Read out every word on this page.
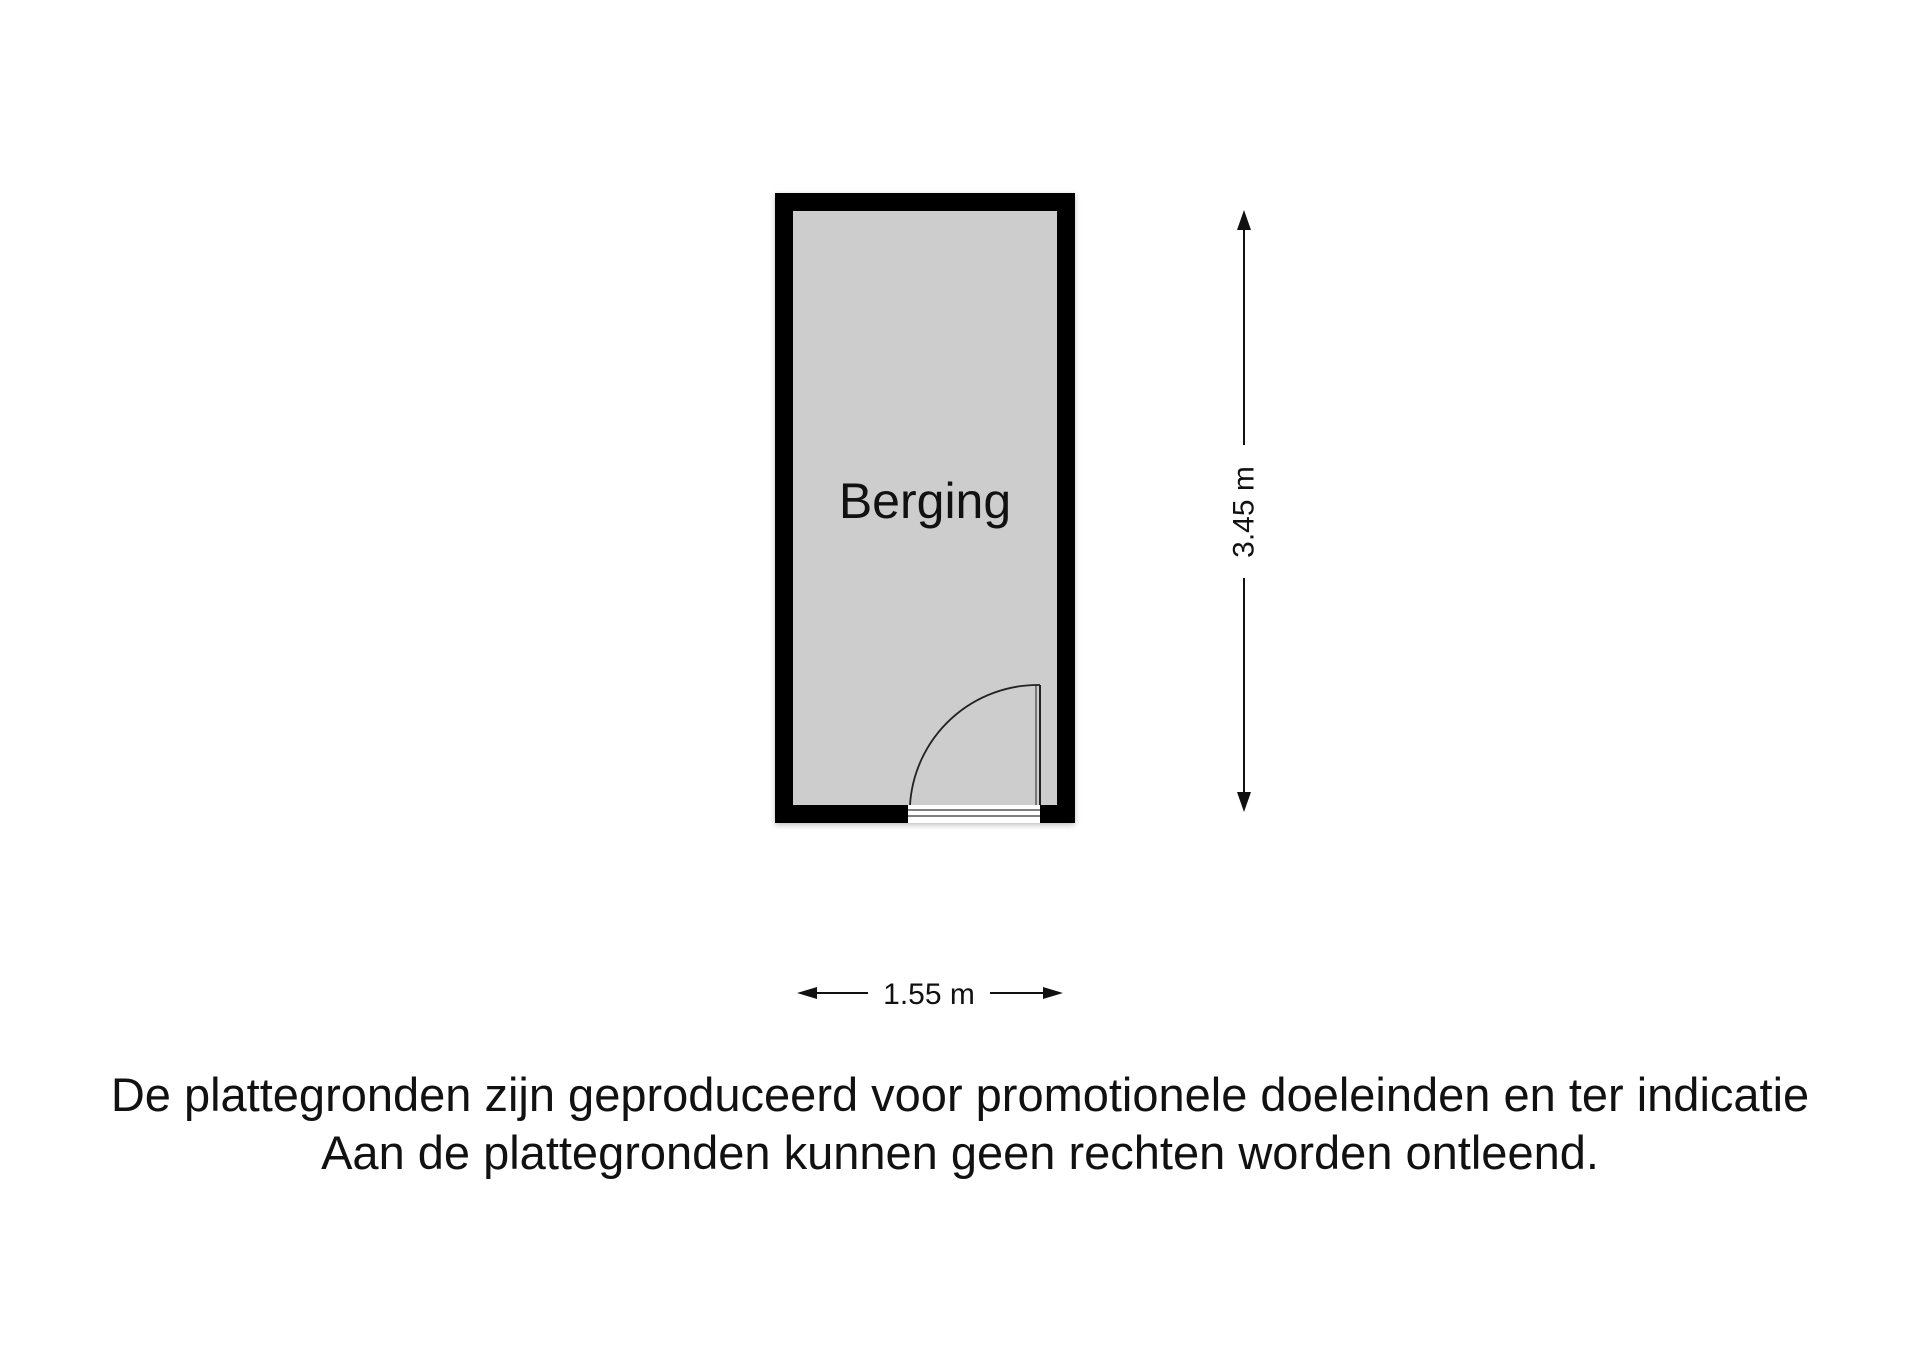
Berging	3.45 m
1.55 m
De plattegronden zijn geproduceerd voor promotionele doeleinden en ter indicatie
Aan de plattegronden kunnen geen rechten worden ontleend.
